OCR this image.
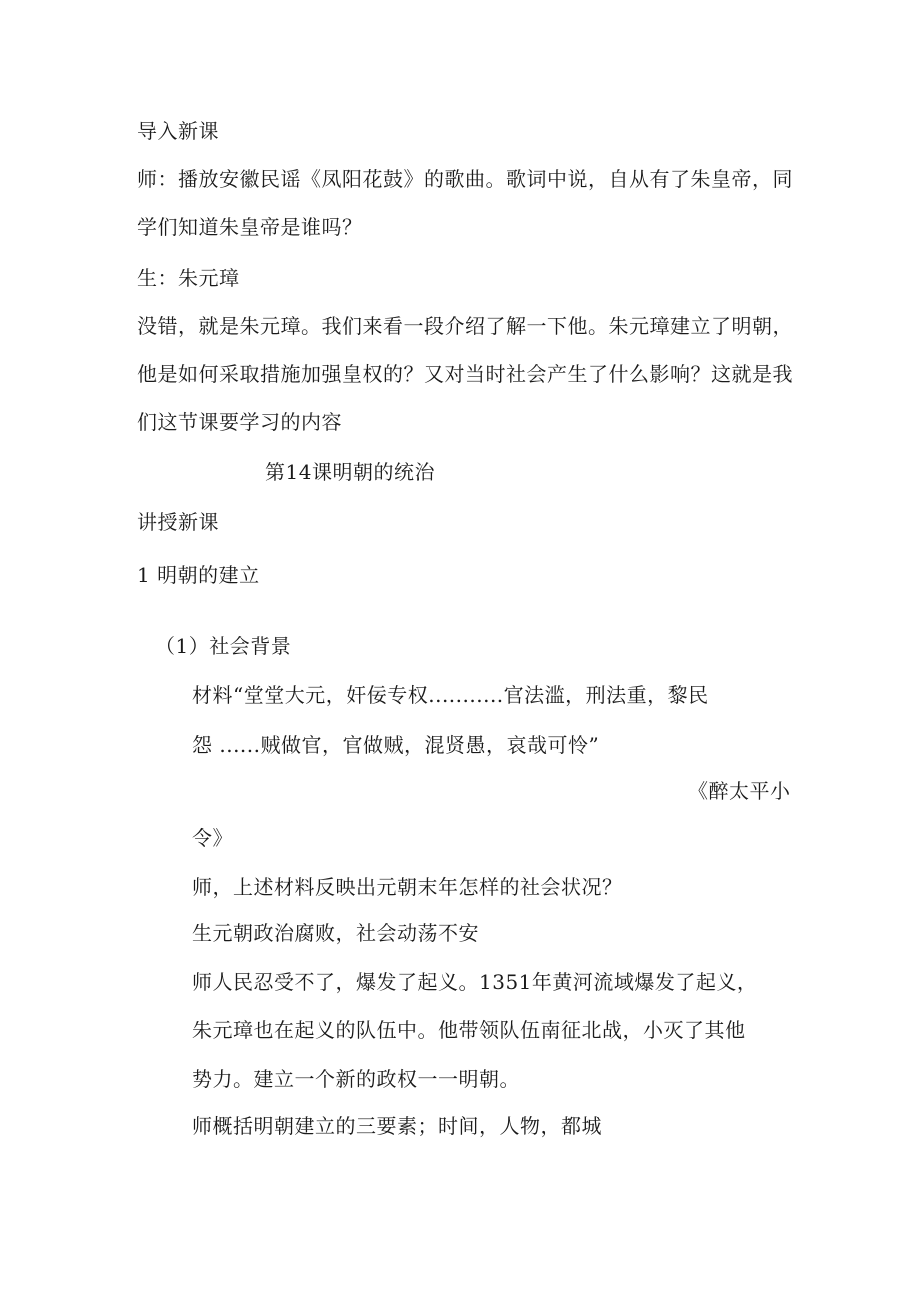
导入新课
师：播放安徽民谣《凤阳花鼓》的歌曲。歌词中说，自从有了朱皇帝，同
学们知道朱皇帝是谁吗？
生：朱元璋
没错，就是朱元璋。我们来看一段介绍了解一下他。朱元璋建立了明朝，
他是如何采取措施加强皇权的？又对当时社会产生了什么影响？这就是我
们这节课要学习的内容
第14课明朝的统治
讲授新课
1 明朝的建立
（1）社会背景
材料“堂堂大元，奸佞专权...........官法滥，刑法重，黎民
怨 ......贼做官，官做贼，混贤愚，哀哉可怜”
《醉太平小
令》
师，上述材料反映出元朝末年怎样的社会状况？
生元朝政治腐败，社会动荡不安
师人民忍受不了，爆发了起义。1351年黄河流域爆发了起义，
朱元璋也在起义的队伍中。他带领队伍南征北战，小灭了其他
势力。建立一个新的政权一一明朝。
师概括明朝建立的三要素；时间，人物，都城
